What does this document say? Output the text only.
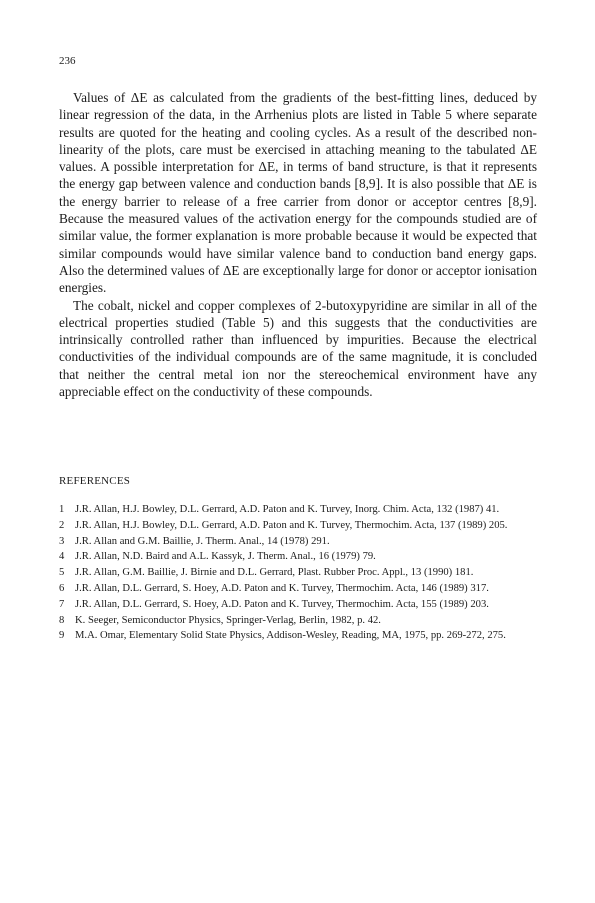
236

Values of ΔE as calculated from the gradients of the best-fitting lines, deduced by linear regression of the data, in the Arrhenius plots are listed in Table 5 where separate results are quoted for the heating and cooling cycles. As a result of the described non-linearity of the plots, care must be exercised in attaching meaning to the tabulated ΔE values. A possible interpretation for ΔE, in terms of band structure, is that it represents the energy gap between valence and conduction bands [8,9]. It is also possible that ΔE is the energy barrier to release of a free carrier from donor or acceptor centres [8,9]. Because the measured values of the activation energy for the compounds studied are of similar value, the former explanation is more probable because it would be expected that similar compounds would have similar valence band to conduction band energy gaps. Also the determined values of ΔE are exceptionally large for donor or acceptor ionisation energies.

The cobalt, nickel and copper complexes of 2-butoxypyridine are similar in all of the electrical properties studied (Table 5) and this suggests that the conductivities are intrinsically controlled rather than influenced by impurities. Because the electrical conductivities of the individual compounds are of the same magnitude, it is concluded that neither the central metal ion nor the stereochemical environment have any appreciable effect on the conductivity of these compounds.

REFERENCES
1 J.R. Allan, H.J. Bowley, D.L. Gerrard, A.D. Paton and K. Turvey, Inorg. Chim. Acta, 132 (1987) 41.
2 J.R. Allan, H.J. Bowley, D.L. Gerrard, A.D. Paton and K. Turvey, Thermochim. Acta, 137 (1989) 205.
3 J.R. Allan and G.M. Baillie, J. Therm. Anal., 14 (1978) 291.
4 J.R. Allan, N.D. Baird and A.L. Kassyk, J. Therm. Anal., 16 (1979) 79.
5 J.R. Allan, G.M. Baillie, J. Birnie and D.L. Gerrard, Plast. Rubber Proc. Appl., 13 (1990) 181.
6 J.R. Allan, D.L. Gerrard, S. Hoey, A.D. Paton and K. Turvey, Thermochim. Acta, 146 (1989) 317.
7 J.R. Allan, D.L. Gerrard, S. Hoey, A.D. Paton and K. Turvey, Thermochim. Acta, 155 (1989) 203.
8 K. Seeger, Semiconductor Physics, Springer-Verlag, Berlin, 1982, p. 42.
9 M.A. Omar, Elementary Solid State Physics, Addison-Wesley, Reading, MA, 1975, pp. 269-272, 275.
